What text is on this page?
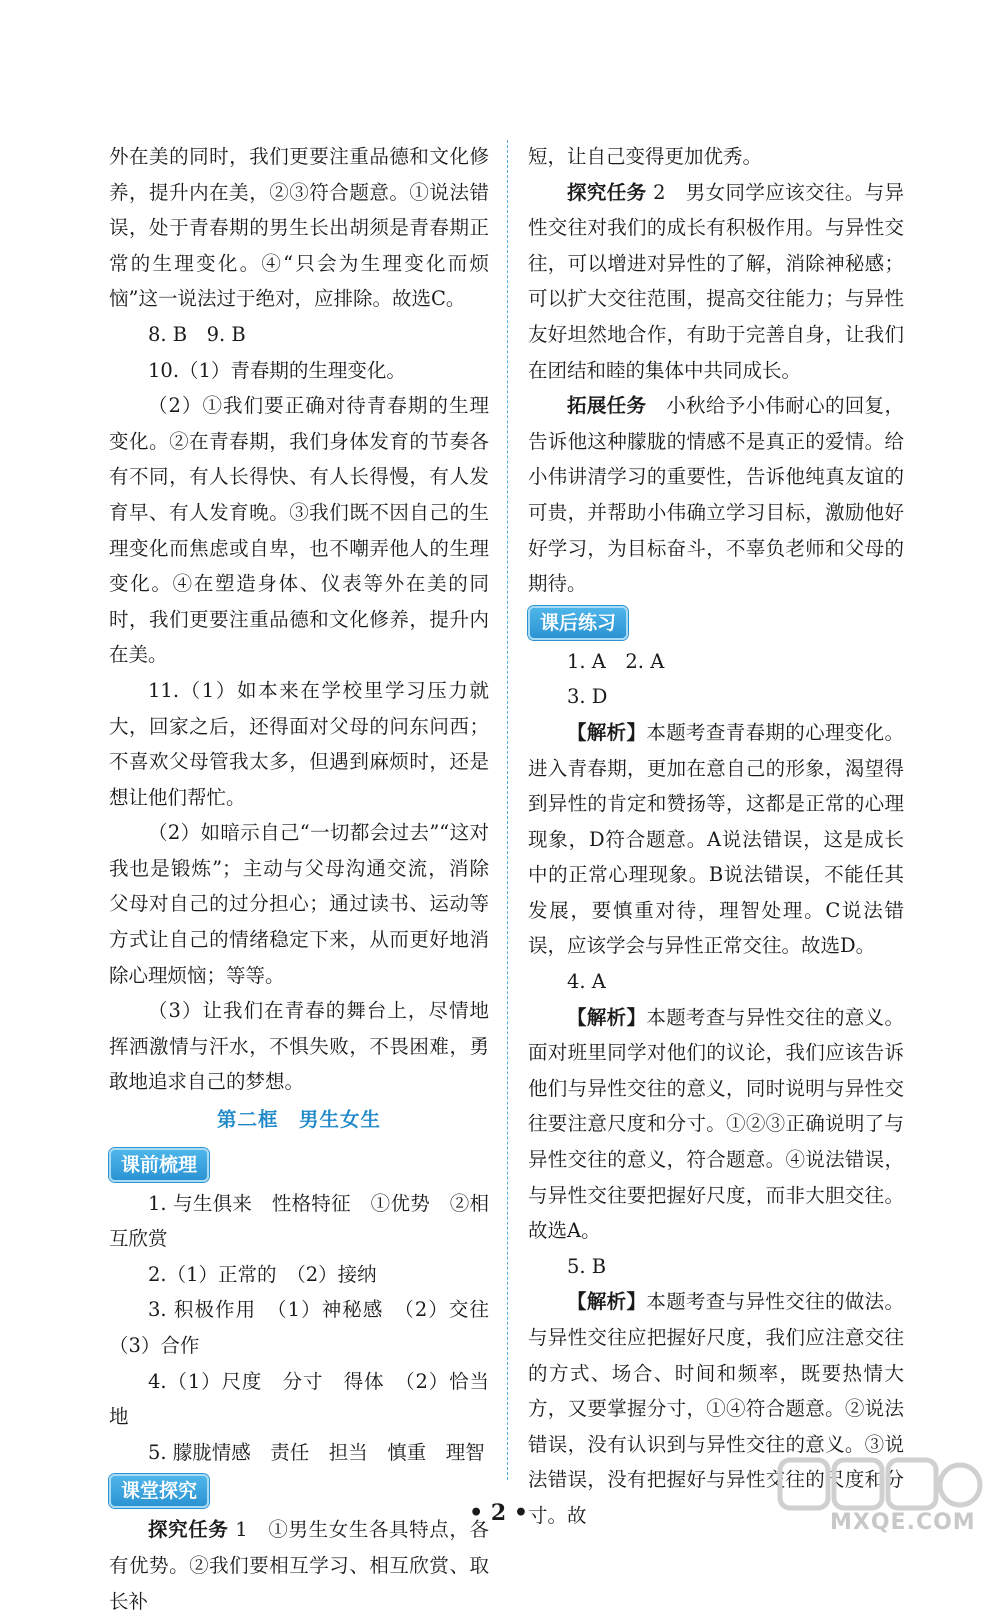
外在美的同时，我们更要注重品德和文化修养，提升内在美，②③符合题意。①说法错误，处于青春期的男生长出胡须是青春期正常的生理变化。④“只会为生理变化而烦恼”这一说法过于绝对，应排除。故选C。

8. B　9. B

10.（1）青春期的生理变化。

（2）①我们要正确对待青春期的生理变化。②在青春期，我们身体发育的节奏各有不同，有人长得快、有人长得慢，有人发育早、有人发育晚。③我们既不因自己的生理变化而焦虑或自卑，也不嘲弄他人的生理变化。④在塑造身体、仪表等外在美的同时，我们更要注重品德和文化修养，提升内在美。

11.（1）如本来在学校里学习压力就大，回家之后，还得面对父母的问东问西；不喜欢父母管我太多，但遇到麻烦时，还是想让他们帮忙。

（2）如暗示自己“一切都会过去”“这对我也是锻炼”；主动与父母沟通交流，消除父母对自己的过分担心；通过读书、运动等方式让自己的情绪稳定下来，从而更好地消除心理烦恼；等等。

（3）让我们在青春的舞台上，尽情地挥洒激情与汗水，不惧失败，不畏困难，勇敢地追求自己的梦想。

第二框　男生女生

课前梳理

1. 与生俱来　性格特征　①优势　②相互欣赏

2.（1）正常的　（2）接纳

3. 积极作用　（1）神秘感　（2）交往　（3）合作

4.（1）尺度　分寸　得体　（2）恰当地

5. 朦胧情感　责任　担当　慎重　理智

课堂探究

探究任务 1　①男生女生各具特点，各有优势。②我们要相互学习、相互欣赏、取长补

短，让自己变得更加优秀。

探究任务 2　男女同学应该交往。与异性交往对我们的成长有积极作用。与异性交往，可以增进对异性的了解，消除神秘感；可以扩大交往范围，提高交往能力；与异性友好坦然地合作，有助于完善自身，让我们在团结和睦的集体中共同成长。

拓展任务　小秋给予小伟耐心的回复，告诉他这种朦胧的情感不是真正的爱情。给小伟讲清学习的重要性，告诉他纯真友谊的可贵，并帮助小伟确立学习目标，激励他好好学习，为目标奋斗，不辜负老师和父母的期待。

课后练习

1. A　2. A

3. D

【解析】本题考查青春期的心理变化。进入青春期，更加在意自己的形象，渴望得到异性的肯定和赞扬等，这都是正常的心理现象，D符合题意。A说法错误，这是成长中的正常心理现象。B说法错误，不能任其发展，要慎重对待，理智处理。C说法错误，应该学会与异性正常交往。故选D。

4. A

【解析】本题考查与异性交往的意义。面对班里同学对他们的议论，我们应该告诉他们与异性交往的意义，同时说明与异性交往要注意尺度和分寸。①②③正确说明了与异性交往的意义，符合题意。④说法错误，与异性交往要把握好尺度，而非大胆交往。故选A。

5. B

【解析】本题考查与异性交往的做法。与异性交往应把握好尺度，我们应注意交往的方式、场合、时间和频率，既要热情大方，又要掌握分寸，①④符合题意。②说法错误，没有认识到与异性交往的意义。③说法错误，没有把握好与异性交往的尺度和分寸。故	MXQE.COM
• 2 •
